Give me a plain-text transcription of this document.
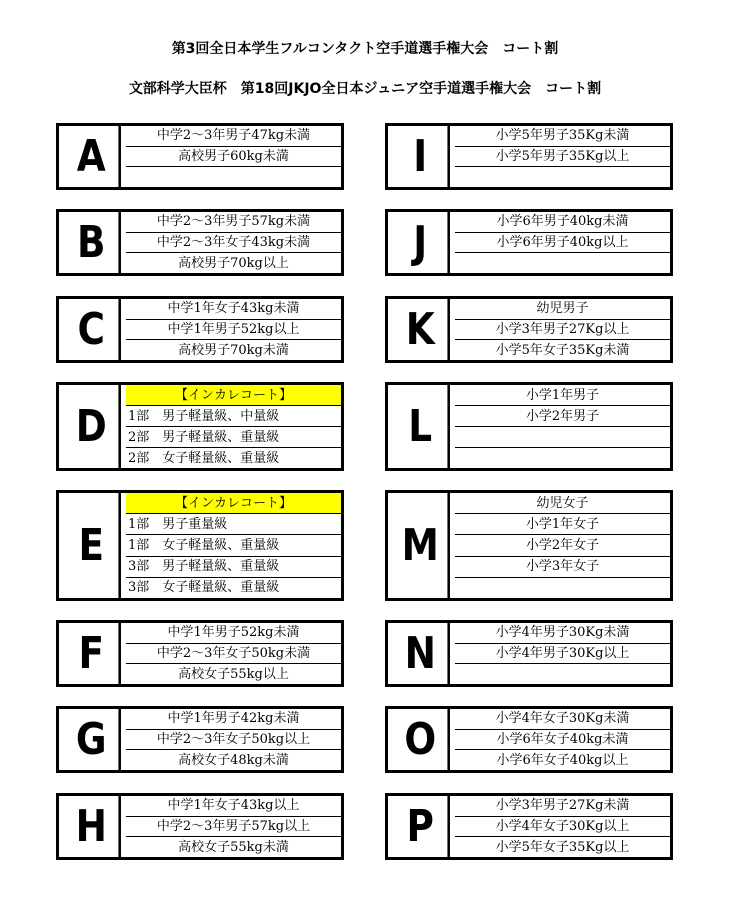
第3回全日本学生フルコンタクト空手道選手権大会　コート割
文部科学大臣杯　第18回JKJO全日本ジュニア空手道選手権大会　コート割
A	中学2～3年男子47kg未満
高校男子60kg未満
B	中学2～3年男子57kg未満
中学2～3年女子43kg未満
高校男子70kg以上
C	中学1年女子43kg未満
中学1年男子52kg以上
高校男子70kg未満
D
【インカレコート】
1部　男子軽量級、中量級
2部　男子軽量級、重量級
2部　女子軽量級、重量級
E
【インカレコート】
1部　男子重量級
1部　女子軽量級、重量級
3部　男子軽量級、重量級
3部　女子軽量級、重量級
F	中学1年男子52kg未満
中学2～3年女子50kg未満
高校女子55kg以上
G	中学1年男子42kg未満
中学2～3年女子50kg以上
高校女子48kg未満
H	中学1年女子43kg以上
中学2～3年男子57kg以上
高校女子55kg未満
I	小学5年男子35Kg未満
小学5年男子35Kg以上
J	小学6年男子40kg未満
小学6年男子40kg以上
K	幼児男子
小学3年男子27Kg以上
小学5年女子35Kg未満
L
小学1年男子
小学2年男子
M
幼児女子
小学1年女子
小学2年女子
小学3年女子
N	小学4年男子30Kg未満
小学4年男子30Kg以上
O	小学4年女子30Kg未満
小学6年女子40kg未満
小学6年女子40kg以上
P	小学3年男子27Kg未満
小学4年女子30Kg以上
小学5年女子35Kg以上
